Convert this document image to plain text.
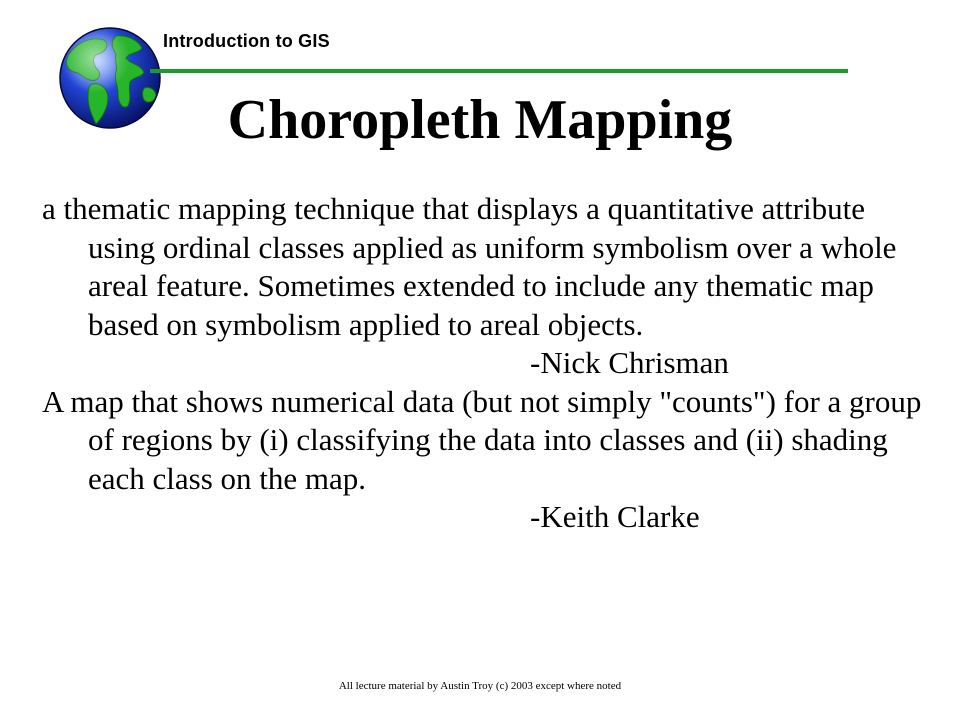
Introduction to GIS
Choropleth Mapping

a thematic mapping technique that displays a quantitative attribute using ordinal classes applied as uniform symbolism over a whole areal feature. Sometimes extended to include any thematic map based on symbolism applied to areal objects.

-Nick Chrisman

A map that shows numerical data (but not simply "counts") for a group of regions by (i) classifying the data into classes and (ii) shading each class on the map.

-Keith Clarke

All lecture material by Austin Troy (c) 2003 except where noted
